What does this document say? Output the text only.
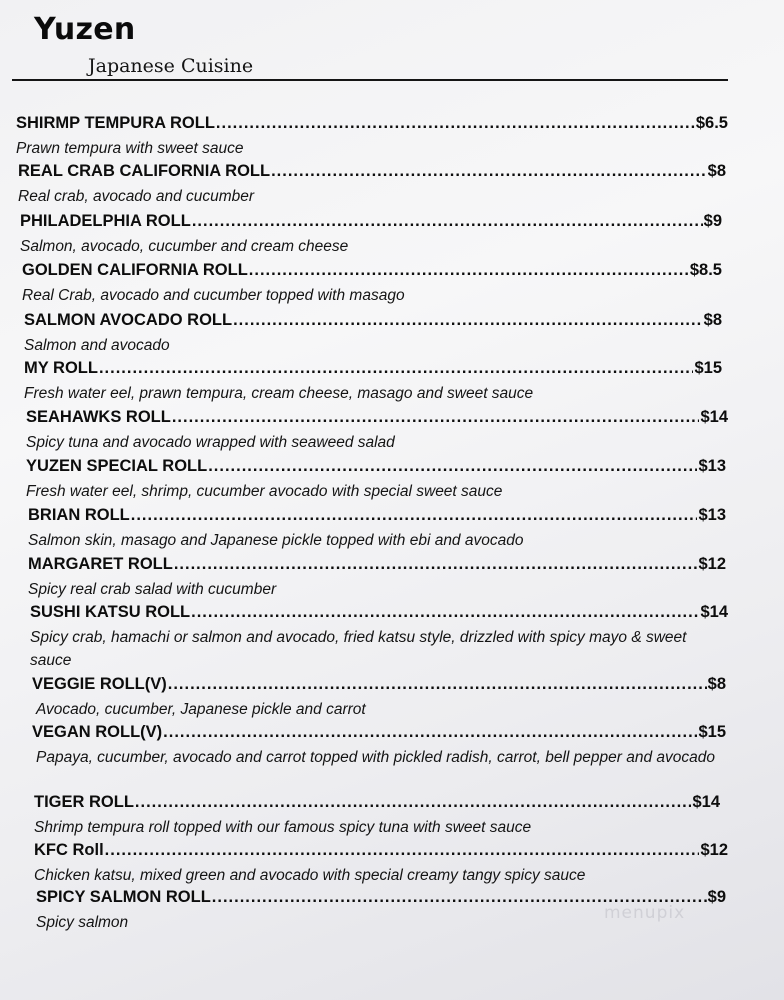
Yuzen
Japanese Cuisine
SHIRMP TEMPURA ROLL .....	$6.5
Prawn tempura with sweet sauce
REAL CRAB CALIFORNIA ROLL .....	$8
Real crab, avocado and cucumber
PHILADELPHIA ROLL .....	$9
Salmon, avocado, cucumber and cream cheese
GOLDEN CALIFORNIA ROLL .....	$8.5
Real Crab, avocado and cucumber topped with masago
SALMON AVOCADO ROLL .....	$8
Salmon and avocado
MY ROLL .....	$15
Fresh water eel, prawn tempura, cream cheese, masago and sweet sauce
SEAHAWKS ROLL .....	$14
Spicy tuna and avocado wrapped with seaweed salad
YUZEN SPECIAL ROLL .....	$13
Fresh water eel, shrimp, cucumber avocado with special sweet sauce
BRIAN ROLL .....	$13
Salmon skin, masago and Japanese pickle topped with ebi and avocado
MARGARET ROLL .....	$12
Spicy real crab salad with cucumber
SUSHI KATSU ROLL .....	$14
Spicy crab, hamachi or salmon and avocado, fried katsu style, drizzled with spicy mayo & sweet sauce
VEGGIE ROLL(V) .....	$8
Avocado, cucumber, Japanese pickle and carrot
VEGAN ROLL(V) .....	$15
Papaya, cucumber, avocado and carrot topped with pickled radish, carrot, bell pepper and avocado
TIGER ROLL .....	$14
Shrimp tempura roll topped with our famous spicy tuna with sweet sauce
KFC Roll .....	$12
Chicken katsu, mixed green and avocado with special creamy tangy spicy sauce
SPICY SALMON ROLL .....	$9
Spicy salmon	menupix
